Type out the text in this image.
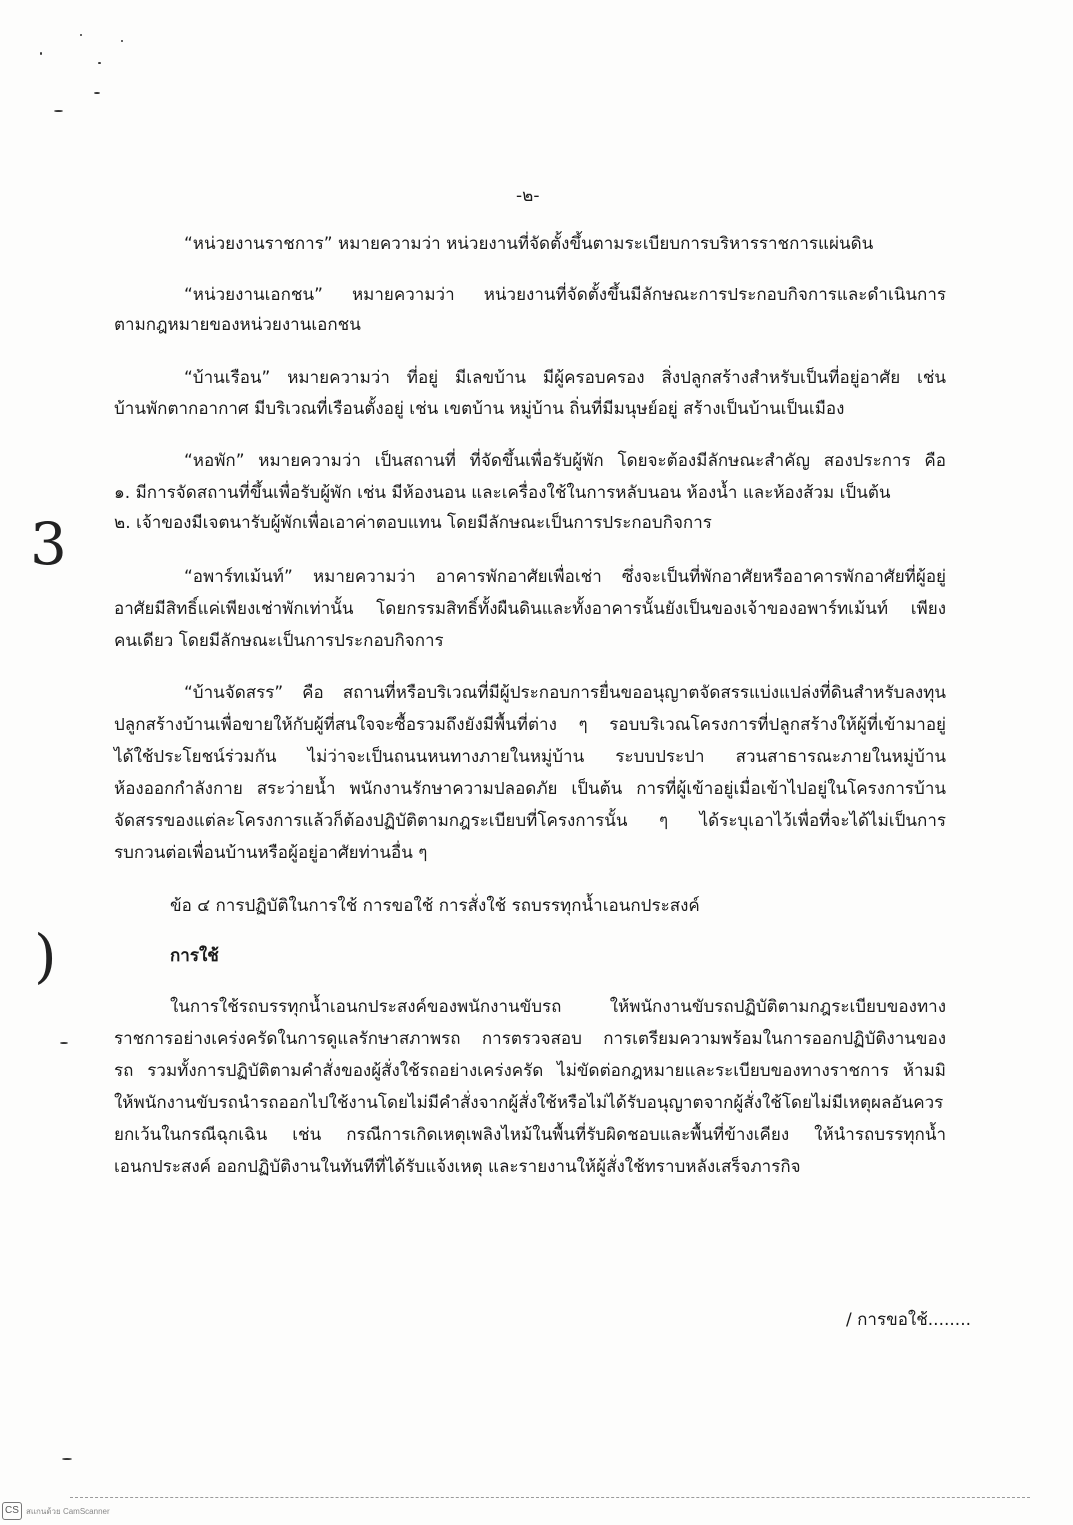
-๒-
“หน่วยงานราชการ” หมายความว่า หน่วยงานที่จัดตั้งขึ้นตามระเบียบการบริหารราชการแผ่นดิน
“หน่วยงานเอกชน” หมายความว่า หน่วยงานที่จัดตั้งขึ้นมีลักษณะการประกอบกิจการและดำเนินการ
ตามกฎหมายของหน่วยงานเอกชน
“บ้านเรือน” หมายความว่า ที่อยู่ มีเลขบ้าน มีผู้ครอบครอง สิ่งปลูกสร้างสำหรับเป็นที่อยู่อาศัย เช่น
บ้านพักตากอากาศ มีบริเวณที่เรือนตั้งอยู่ เช่น เขตบ้าน หมู่บ้าน ถิ่นที่มีมนุษย์อยู่ สร้างเป็นบ้านเป็นเมือง
“หอพัก” หมายความว่า เป็นสถานที่ ที่จัดขึ้นเพื่อรับผู้พัก โดยจะต้องมีลักษณะสำคัญ สองประการ คือ
๑. มีการจัดสถานที่ขึ้นเพื่อรับผู้พัก เช่น มีห้องนอน และเครื่องใช้ในการหลับนอน ห้องน้ำ และห้องส้วม เป็นต้น
๒. เจ้าของมีเจตนารับผู้พักเพื่อเอาค่าตอบแทน โดยมีลักษณะเป็นการประกอบกิจการ
“อพาร์ทเม้นท์” หมายความว่า อาคารพักอาศัยเพื่อเช่า ซึ่งจะเป็นที่พักอาศัยหรืออาคารพักอาศัยที่ผู้อยู่
อาศัยมีสิทธิ์แค่เพียงเช่าพักเท่านั้น โดยกรรมสิทธิ์ทั้งผืนดินและทั้งอาคารนั้นยังเป็นของเจ้าของอพาร์ทเม้นท์ เพียง
คนเดียว โดยมีลักษณะเป็นการประกอบกิจการ
“บ้านจัดสรร” คือ สถานที่หรือบริเวณที่มีผู้ประกอบการยื่นขออนุญาตจัดสรรแบ่งแปล่งที่ดินสำหรับลงทุน
ปลูกสร้างบ้านเพื่อขายให้กับผู้ที่สนใจจะซื้อรวมถึงยังมีพื้นที่ต่าง ๆ รอบบริเวณโครงการที่ปลูกสร้างให้ผู้ที่เข้ามาอยู่
ได้ใช้ประโยชน์ร่วมกัน ไม่ว่าจะเป็นถนนหนทางภายในหมู่บ้าน ระบบประปา สวนสาธารณะภายในหมู่บ้าน
ห้องออกกำลังกาย สระว่ายน้ำ พนักงานรักษาความปลอดภัย เป็นต้น การที่ผู้เข้าอยู่เมื่อเข้าไปอยู่ในโครงการบ้าน
จัดสรรของแต่ละโครงการแล้วก็ต้องปฏิบัติตามกฎระเบียบที่โครงการนั้น ๆ ได้ระบุเอาไว้เพื่อที่จะได้ไม่เป็นการ
รบกวนต่อเพื่อนบ้านหรือผู้อยู่อาศัยท่านอื่น ๆ
ข้อ ๔ การปฏิบัติในการใช้ การขอใช้ การสั่งใช้ รถบรรทุกน้ำเอนกประสงค์
การใช้
ในการใช้รถบรรทุกน้ำเอนกประสงค์ของพนักงานขับรถ ให้พนักงานขับรถปฏิบัติตามกฎระเบียบของทาง
ราชการอย่างเคร่งครัดในการดูแลรักษาสภาพรถ การตรวจสอบ การเตรียมความพร้อมในการออกปฏิบัติงานของ
รถ รวมทั้งการปฏิบัติตามคำสั่งของผู้สั่งใช้รถอย่างเคร่งครัด ไม่ขัดต่อกฎหมายและระเบียบของทางราชการ ห้ามมิ
ให้พนักงานขับรถนำรถออกไปใช้งานโดยไม่มีคำสั่งจากผู้สั่งใช้หรือไม่ได้รับอนุญาตจากผู้สั่งใช้โดยไม่มีเหตุผลอันควร
ยกเว้นในกรณีฉุกเฉิน เช่น กรณีการเกิดเหตุเพลิงไหม้ในพื้นที่รับผิดชอบและพื้นที่ข้างเคียง ให้นำรถบรรทุกน้ำ
เอนกประสงค์ ออกปฏิบัติงานในทันทีที่ได้รับแจ้งเหตุ และรายงานให้ผู้สั่งใช้ทราบหลังเสร็จภารกิจ
/ การขอใช้........
3
)
CS สแกนด้วย CamScanner
